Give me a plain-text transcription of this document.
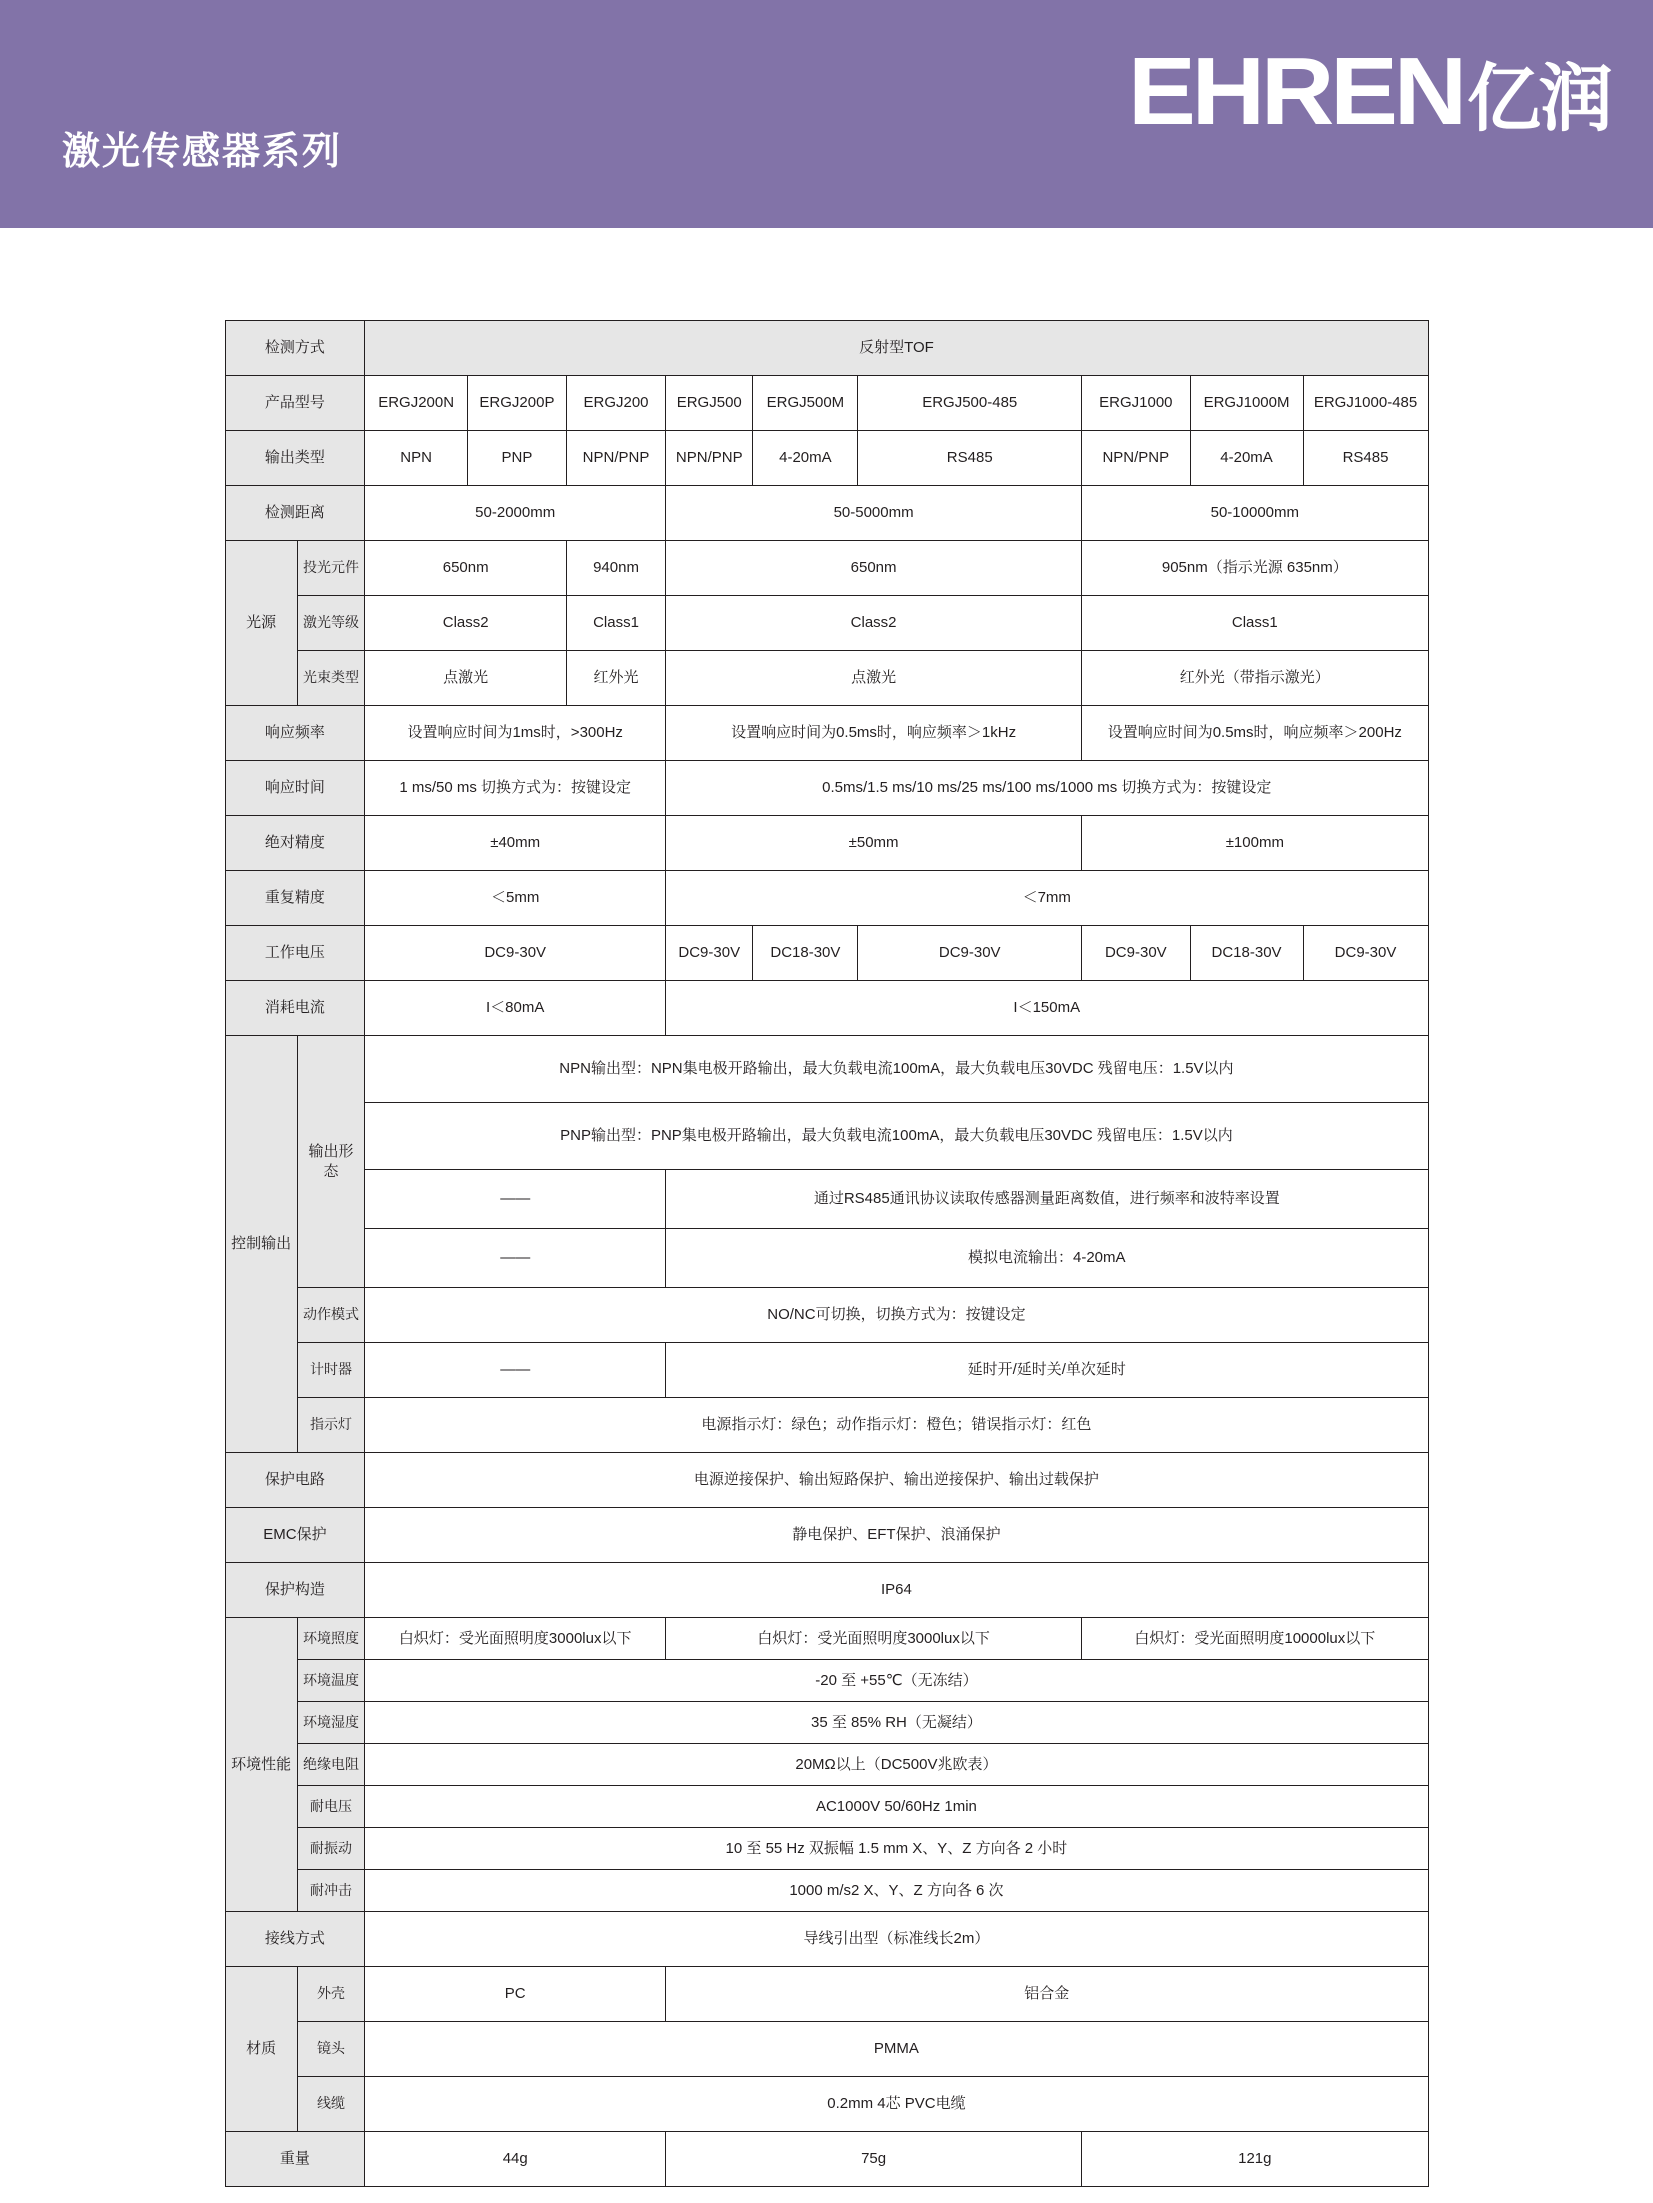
激光传感器系列
EHREN 亿润
检测方式		反射型TOF								
产品型号		ERGJ200N	ERGJ200P	ERGJ200	ERGJ500	ERGJ500M	ERGJ500-485	ERGJ1000	ERGJ1000M	ERGJ1000-485
输出类型		NPN	PNP	NPN/PNP	NPN/PNP	4-20mA	RS485	NPN/PNP	4-20mA	RS485
检测距离		50-2000mm			50-5000mm			50-10000mm		
光源	投光元件	650nm		940nm	650nm			905nm（指示光源 635nm）		
	激光等级	Class2		Class1	Class2			Class1		
	光束类型	点激光		红外光	点激光			红外光（带指示激光）		
响应频率		设置响应时间为1ms时，>300Hz			设置响应时间为0.5ms时，响应频率＞1kHz			设置响应时间为0.5ms时，响应频率＞200Hz		
响应时间		1 ms/50 ms 切换方式为：按键设定			0.5ms/1.5 ms/10 ms/25 ms/100 ms/1000 ms 切换方式为：按键设定					
绝对精度		±40mm			±50mm			±100mm		
重复精度		＜5mm			＜7mm					
工作电压		DC9-30V			DC9-30V	DC18-30V	DC9-30V	DC9-30V	DC18-30V	DC9-30V
消耗电流		I＜80mA			I＜150mA					
控制输出	输出形态	NPN输出型：NPN集电极开路输出，最大负载电流100mA，最大负载电压30VDC 残留电压：1.5V以内								
		PNP输出型：PNP集电极开路输出，最大负载电流100mA，最大负载电压30VDC 残留电压：1.5V以内								
		——			通过RS485通讯协议读取传感器测量距离数值，进行频率和波特率设置					
		——			模拟电流输出：4-20mA					
	动作模式	NO/NC可切换，切换方式为：按键设定								
	计时器	——			延时开/延时关/单次延时					
	指示灯	电源指示灯：绿色；动作指示灯：橙色；错误指示灯：红色								
保护电路		电源逆接保护、输出短路保护、输出逆接保护、输出过载保护								
EMC保护		静电保护、EFT保护、浪涌保护								
保护构造		IP64								
环境性能	环境照度	白炽灯：受光面照明度3000lux以下			白炽灯：受光面照明度3000lux以下			白炽灯：受光面照明度10000lux以下		
	环境温度	-20 至 +55℃（无冻结）								
	环境湿度	35 至 85% RH（无凝结）								
	绝缘电阻	20MΩ以上（DC500V兆欧表）								
	耐电压	AC1000V 50/60Hz 1min								
	耐振动	10 至 55 Hz 双振幅 1.5 mm X、Y、Z 方向各 2 小时								
	耐冲击	1000 m/s2 X、Y、Z 方向各 6 次								
接线方式		导线引出型（标准线长2m）								
材质	外壳	PC			铝合金					
	镜头	PMMA								
	线缆	0.2mm 4芯 PVC电缆								
重量		44g			75g			121g		
